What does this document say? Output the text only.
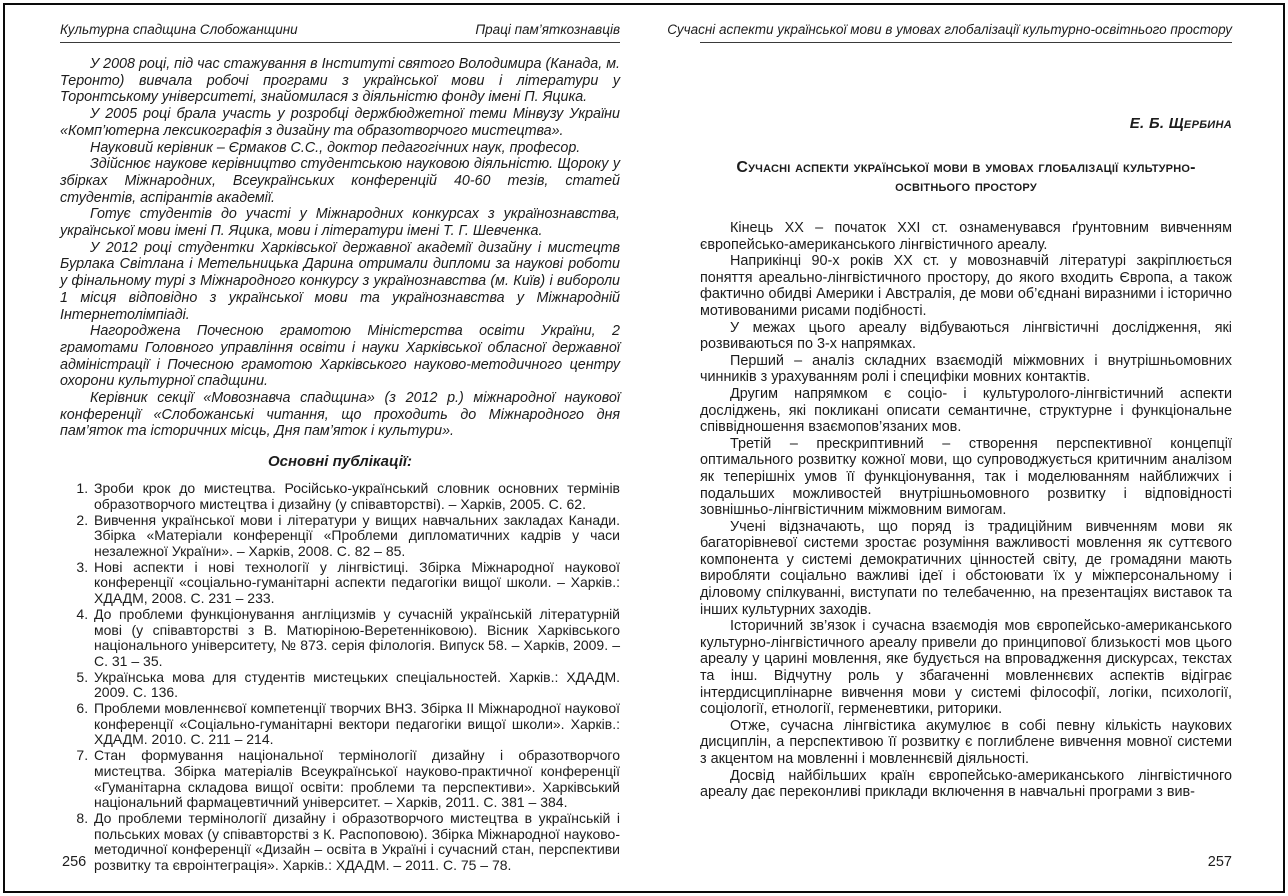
Культурна спадщина Слобожанщини	Праці пам’яткознавців

У 2008 році, під час стажування в Інституті святого Володимира (Канада, м. Теронто) вивчала робочі програми з української мови і літератури у Торонтському університеті, знайомилася з діяльністю фонду імені П. Яцика.

У 2005 році брала участь у розробці держбюджетної теми Мінвузу України «Комп’ютерна лексикографія з дизайну та образотворчого мистецтва».

Науковий керівник – Єрмаков С.С., доктор педагогічних наук, професор.

Здійснює наукове керівництво студентською науковою діяльністю. Щороку у збірках Міжнародних, Всеукраїнських конференцій 40-60 тезів, статей студентів, аспірантів академії.

Готує студентів до участі у Міжнародних конкурсах з українознавства, української мови імені П. Яцика, мови і літератури імені Т. Г. Шевченка.

У 2012 році студентки Харківської державної академії дизайну і мистецтв Бурлака Світлана і Метельницька Дарина отримали дипломи за наукові роботи у фінальному турі з Міжнародного конкурсу з українознавства (м. Київ) і вибороли 1 місця відповідно з української мови та українознавства у Міжнародній Інтернетолімпіаді.

Нагороджена Почесною грамотою Міністерства освіти України, 2 грамотами Головного управління освіти і науки Харківської обласної державної адміністрації і Почесною грамотою Харківського науково-методичного центру охорони культурної спадщини.

Керівник секції «Мовознавча спадщина» (з 2012 р.) міжнародної наукової конференції «Слобожанські читання, що проходить до Міжнародного дня пам’яток та історичних місць, Дня пам’яток і культури».

Основні публікації:
1. Зроби крок до мистецтва. Російсько-український словник основних термінів образотворчого мистецтва і дизайну (у співавторстві). – Харків, 2005. С. 62.
2. Вивчення української мови і літератури у вищих навчальних закладах Канади. Збірка «Матеріали конференції «Проблеми дипломатичних кадрів у часи незалежної України». – Харків, 2008. С. 82 – 85.
3. Нові аспекти і нові технології у лінгвістиці. Збірка Міжнародної наукової конференції «соціально-гуманітарні аспекти педагогіки вищої школи. – Харків.: ХДАДМ, 2008. С. 231 – 233.
4. До проблеми функціонування англіцизмів у сучасній українській літературній мові (у співавторстві з В. Матюріною-Веретенніковою). Вісник Харківського національного університету, № 873. серія філологія. Випуск 58. – Харків, 2009. – С. 31 – 35.
5. Українська мова для студентів мистецьких спеціальностей. Харків.: ХДАДМ. 2009. С. 136.
6. Проблеми мовленнєвої компетенції творчих ВНЗ. Збірка ІІ Міжнародної наукової конференції «Соціально-гуманітарні вектори педагогіки вищої школи». Харків.: ХДАДМ. 2010. С. 211 – 214.
7. Стан формування національної термінології дизайну і образотворчого мистецтва. Збірка матеріалів Всеукраїнської науково-практичної конференції «Гуманітарна складова вищої освіти: проблеми та перспективи». Харківський національний фармацевтичний університет. – Харків, 2011. С. 381 – 384.
8. До проблеми термінології дизайну і образотворчого мистецтва в українській і польських мовах (у співавторстві з К. Распоповою). Збірка Міжнародної науково-методичної конференції «Дизайн – освіта в Україні і сучасний стан, перспективи розвитку та євроінтеграція». Харків.: ХДАДМ. – 2011. С. 75 – 78.
256
Сучасні аспекти української мови в умовах глобалізації культурно-освітнього простору
Е. Б. Щербина
Сучасні аспекти української мови в умовах глобалізації культурно-освітнього простору

Кінець ХХ – початок ХХІ ст. ознаменувався ґрунтовним вивченням європейсько-американського лінгвістичного ареалу.

Наприкінці 90-х років ХХ ст. у мовознавчій літературі закріплюється поняття ареально-лінгвістичного простору, до якого входить Європа, а також фактично обидві Америки і Австралія, де мови об’єднані виразними і історично мотивованими рисами подібності.

У межах цього ареалу відбуваються лінгвістичні дослідження, які розвиваються по 3-х напрямках.

Перший – аналіз складних взаємодій міжмовних і внутрішньомовних чинників з урахуванням ролі і специфіки мовних контактів.

Другим напрямком є соціо- і культуролого-лінгвістичний аспекти досліджень, які покликані описати семантичне, структурне і функціональне співвідношення взаємопов’язаних мов.

Третій – прескриптивний – створення перспективної концепції оптимального розвитку кожної мови, що супроводжується критичним аналізом як теперішніх умов її функціонування, так і моделюванням найближчих і подальших можливостей внутрішньомовного розвитку і відповідності зовнішньо-лінгвістичним міжмовним вимогам.

Учені відзначають, що поряд із традиційним вивченням мови як багаторівневої системи зростає розуміння важливості мовлення як суттєвого компонента у системі демократичних цінностей світу, де громадяни мають виробляти соціально важливі ідеї і обстоювати їх у міжперсональному і діловому спілкуванні, виступати по телебаченню, на презентаціях виставок та інших культурних заходів.

Історичний зв’язок і сучасна взаємодія мов європейсько-американського культурно-лінгвістичного ареалу привели до принципової близькості мов цього ареалу у царині мовлення, яке будується на впровадження дискурсах, текстах та інш. Відчутну роль у збагаченні мовленнєвих аспектів відіграє інтердисциплінарне вивчення мови у системі філософії, логіки, психології, соціології, етнології, герменевтики, риторики.

Отже, сучасна лінгвістика акумулює в собі певну кількість наукових дисциплін, а перспективою її розвитку є поглиблене вивчення мовної системи з акцентом на мовленні і мовленнєвій діяльності.

Досвід найбільших країн європейсько-американського лінгвістичного ареалу дає переконливі приклади включення в навчальні програми з вив-

257
